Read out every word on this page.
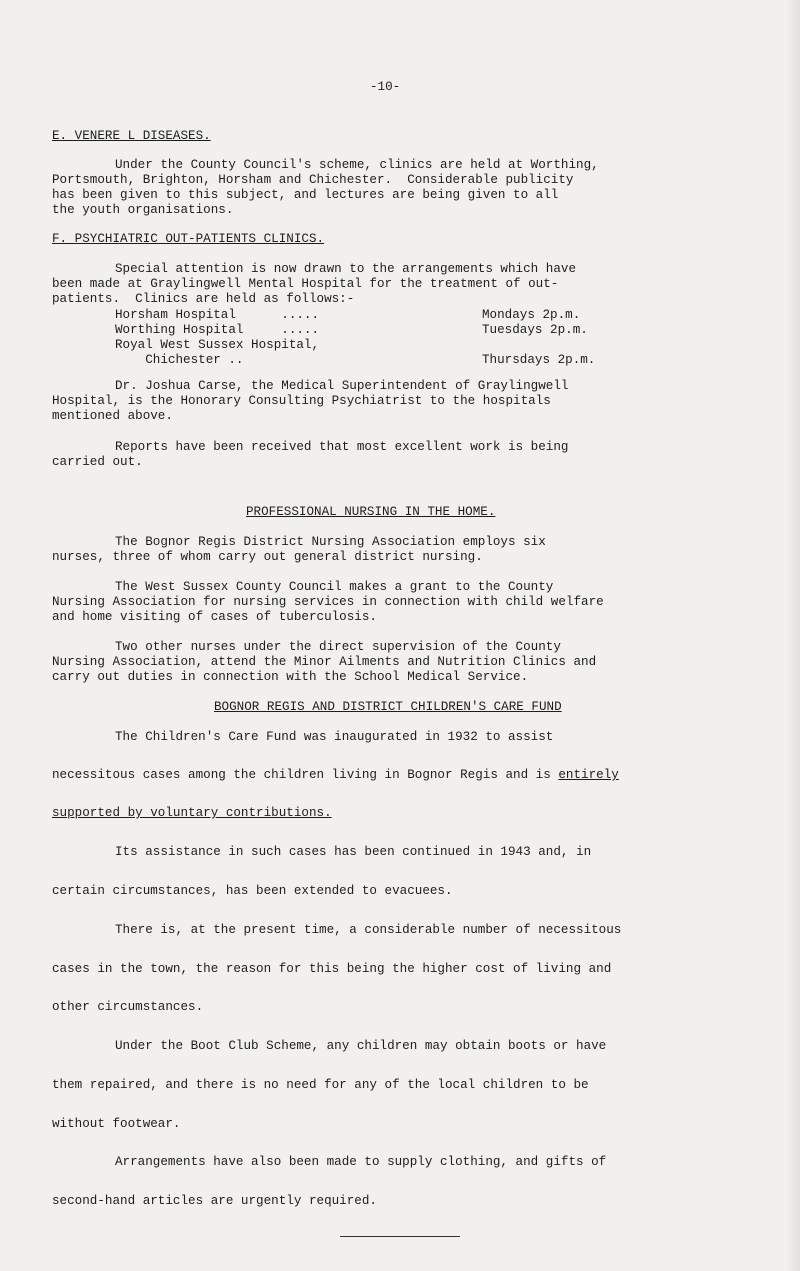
-10-

E. VENERE L DISEASES.

Under the County Council's scheme, clinics are held at Worthing,

Portsmouth, Brighton, Horsham and Chichester.  Considerable publicity

has been given to this subject, and lectures are being given to all

the youth organisations.

F. PSYCHIATRIC OUT-PATIENTS CLINICS.

Special attention is now drawn to the arrangements which have

been made at Graylingwell Mental Hospital for the treatment of out-

patients.  Clinics are held as follows:-

Horsham Hospital      .....	Mondays 2p.m.

Worthing Hospital     .....	Tuesdays 2p.m.

Royal West Sussex Hospital,

Chichester ..	Thursdays 2p.m.

Dr. Joshua Carse, the Medical Superintendent of Graylingwell

Hospital, is the Honorary Consulting Psychiatrist to the hospitals

mentioned above.

Reports have been received that most excellent work is being

carried out.

PROFESSIONAL NURSING IN THE HOME.

The Bognor Regis District Nursing Association employs six

nurses, three of whom carry out general district nursing.

The West Sussex County Council makes a grant to the County

Nursing Association for nursing services in connection with child welfare

and home visiting of cases of tuberculosis.

Two other nurses under the direct supervision of the County

Nursing Association, attend the Minor Ailments and Nutrition Clinics and

carry out duties in connection with the School Medical Service.

BOGNOR REGIS AND DISTRICT CHILDREN'S CARE FUND

The Children's Care Fund was inaugurated in 1932 to assist

necessitous cases among the children living in Bognor Regis and is entirely

supported by voluntary contributions.

Its assistance in such cases has been continued in 1943 and, in

certain circumstances, has been extended to evacuees.

There is, at the present time, a considerable number of necessitous

cases in the town, the reason for this being the higher cost of living and

other circumstances.

Under the Boot Club Scheme, any children may obtain boots or have

them repaired, and there is no need for any of the local children to be

without footwear.

Arrangements have also been made to supply clothing, and gifts of

second-hand articles are urgently required.
